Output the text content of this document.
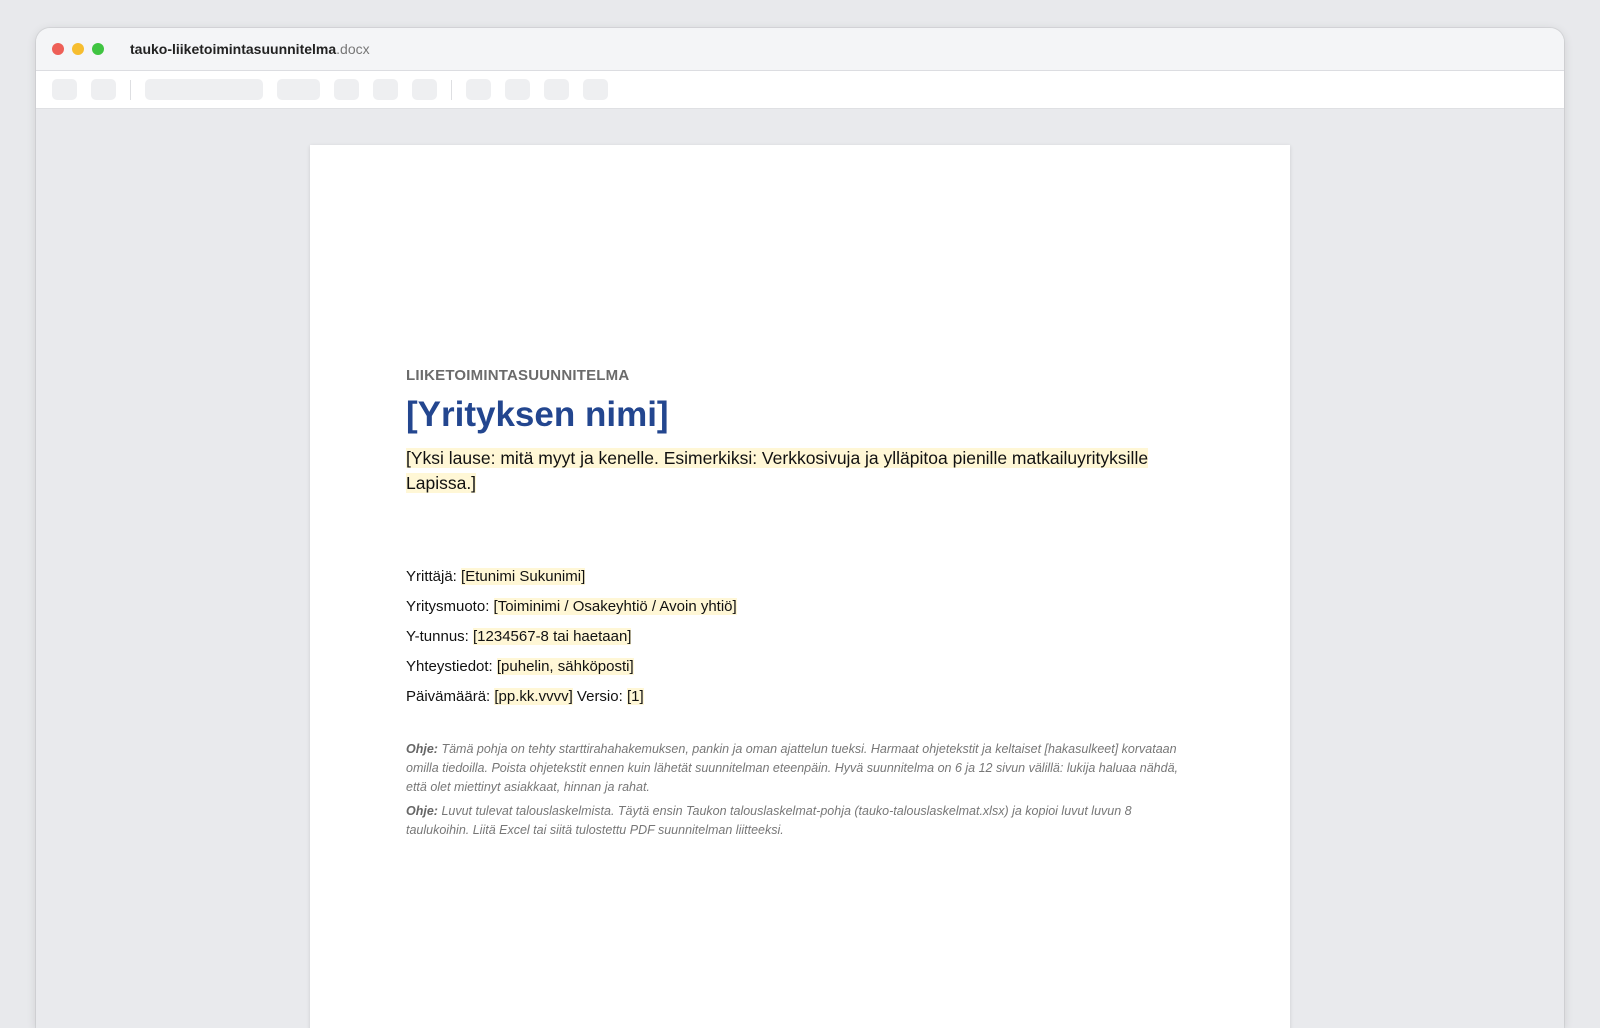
tauko-liiketoimintasuunnitelma.docx

LIIKETOIMINTASUUNNITELMA

[Yrityksen nimi]

[Yksi lause: mitä myyt ja kenelle. Esimerkiksi: Verkkosivuja ja ylläpitoa pienille matkailuyrityksille Lapissa.]

Yrittäjä: [Etunimi Sukunimi]
Yritysmuoto: [Toiminimi / Osakeyhtiö / Avoin yhtiö]
Y-tunnus: [1234567-8 tai haetaan]
Yhteystiedot: [puhelin, sähköposti]
Päivämäärä: [pp.kk.vvvv] Versio: [1]

Ohje: Tämä pohja on tehty starttirahahakemuksen, pankin ja oman ajattelun tueksi. Harmaat ohjetekstit ja keltaiset [hakasulkeet] korvataan omilla tiedoilla. Poista ohjetekstit ennen kuin lähetät suunnitelman eteenpäin. Hyvä suunnitelma on 6 ja 12 sivun välillä: lukija haluaa nähdä, että olet miettinyt asiakkaat, hinnan ja rahat.

Ohje: Luvut tulevat talouslaskelmista. Täytä ensin Taukon talouslaskelmat-pohja (tauko-talouslaskelmat.xlsx) ja kopioi luvut luvun 8 taulukoihin. Liitä Excel tai siitä tulostettu PDF suunnitelman liitteeksi.
